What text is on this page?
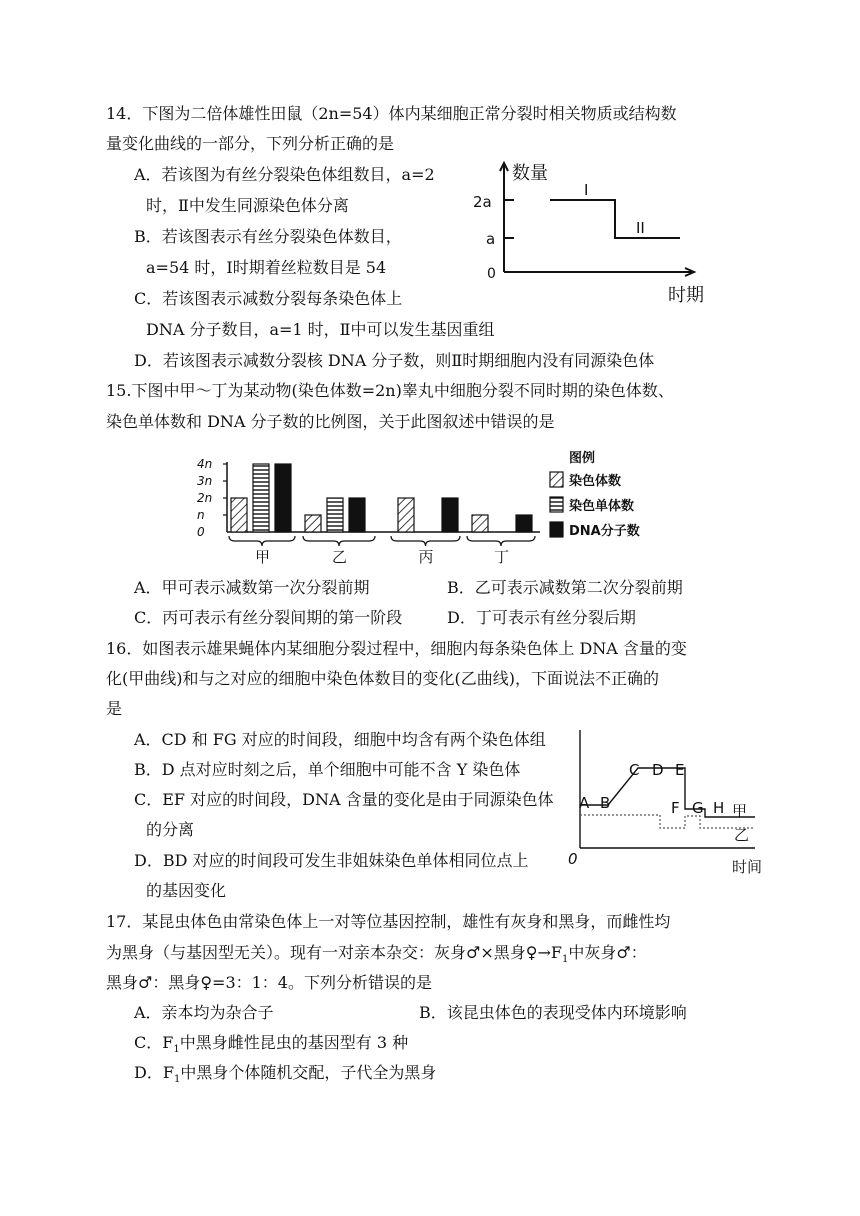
14．下图为二倍体雄性田鼠（2n=54）体内某细胞正常分裂时相关物质或结构数
量变化曲线的一部分，下列分析正确的是
A．若该图为有丝分裂染色体组数目，a=2
时，Ⅱ中发生同源染色体分离
B．若该图表示有丝分裂染色体数目，
a=54 时，Ⅰ时期着丝粒数目是 54
C．若该图表示减数分裂每条染色体上
DNA 分子数目，a=1 时，Ⅱ中可以发生基因重组
D．若该图表示减数分裂核 DNA 分子数，则Ⅱ时期细胞内没有同源染色体
数量
时期
2a
a
0
I
II
15.下图中甲～丁为某动物(染色体数=2n)睾丸中细胞分裂不同时期的染色体数、
染色单体数和 DNA 分子数的比例图，关于此图叙述中错误的是
0
n
2n
3n
4n
甲	乙	丙	丁
图例
染色体数
染色单体数
DNA分子数
A．甲可表示减数第一次分裂前期	B．乙可表示减数第二次分裂前期
C．丙可表示有丝分裂间期的第一阶段	D．丁可表示有丝分裂后期
16．如图表示雄果蝇体内某细胞分裂过程中，细胞内每条染色体上 DNA 含量的变
化(甲曲线)和与之对应的细胞中染色体数目的变化(乙曲线)，下面说法不正确的
是
A．CD 和 FG 对应的时间段，细胞中均含有两个染色体组
B．D 点对应时刻之后，单个细胞中可能不含 Y 染色体
C．EF 对应的时间段，DNA 含量的变化是由于同源染色体
的分离
D．BD 对应的时间段可发生非姐妹染色单体相同位点上
的基因变化
A B
C D E
F G H 甲
乙
0	时间
17．某昆虫体色由常染色体上一对等位基因控制，雄性有灰身和黑身，而雌性均
为黑身（与基因型无关）。现有一对亲本杂交：灰身♂×黑身$♀\to F_1$中灰身♂：
黑身♂：黑身♀=3：1：4。下列分析错误的是
A．亲本均为杂合子	B．该昆虫体色的表现受体内环境影响
C．$F_1$中黑身雌性昆虫的基因型有 3 种
D．$F_1$中黑身个体随机交配，子代全为黑身
